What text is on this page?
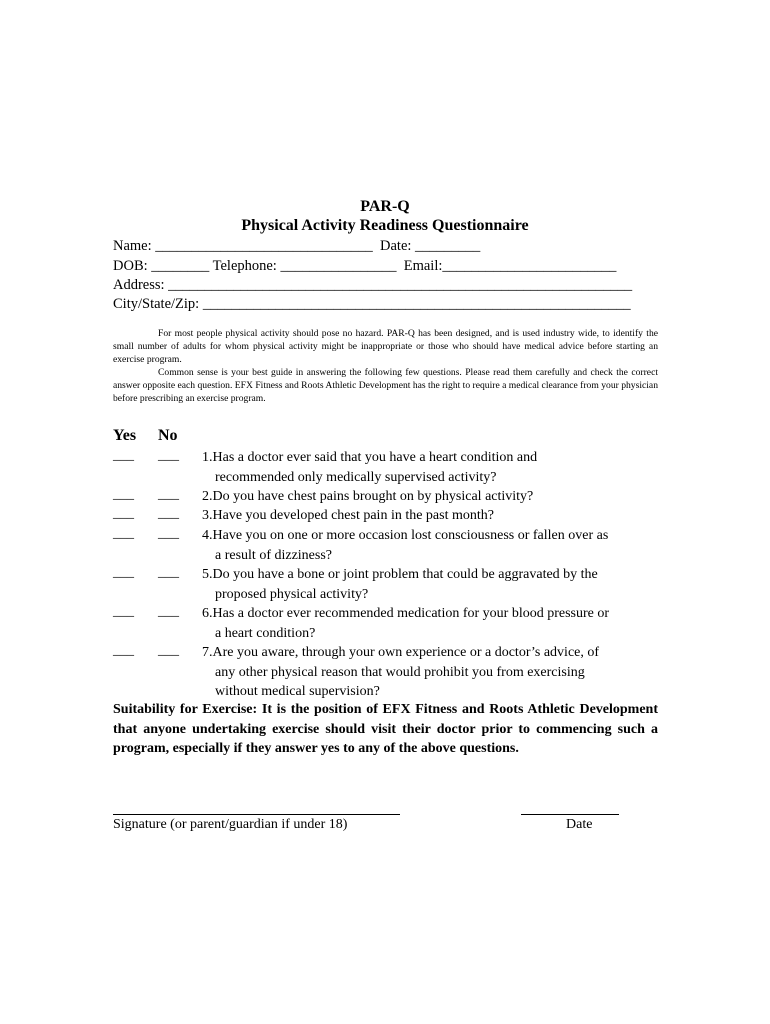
PAR-Q
Physical Activity Readiness Questionnaire
Name: ______________________________  Date: _________
DOB: ________ Telephone: ________________  Email:________________________
Address: ________________________________________________________________
City/State/Zip: ___________________________________________________________
For most people physical activity should pose no hazard. PAR-Q has been designed, and is used industry wide, to identify the small number of adults for whom physical activity might be inappropriate or those who should have medical advice before starting an exercise program.
Common sense is your best guide in answering the following few questions. Please read them carefully and check the correct answer opposite each question. EFX Fitness and Roots Athletic Development has the right to require a medical clearance from your physician before prescribing an exercise program.
Yes No
___ ___ 1.Has a doctor ever said that you have a heart condition and
recommended only medically supervised activity?
___ ___ 2.Do you have chest pains brought on by physical activity?
___ ___ 3.Have you developed chest pain in the past month?
___ ___ 4.Have you on one or more occasion lost consciousness or fallen over as
a result of dizziness?
___ ___ 5.Do you have a bone or joint problem that could be aggravated by the
proposed physical activity?
___ ___ 6.Has a doctor ever recommended medication for your blood pressure or
a heart condition?
___ ___ 7.Are you aware, through your own experience or a doctor’s advice, of
any other physical reason that would prohibit you from exercising
without medical supervision?
Suitability for Exercise: It is the position of EFX Fitness and Roots Athletic Development that anyone undertaking exercise should visit their doctor prior to commencing such a program, especially if they answer yes to any of the above questions.
Signature (or parent/guardian if under 18)	Date
